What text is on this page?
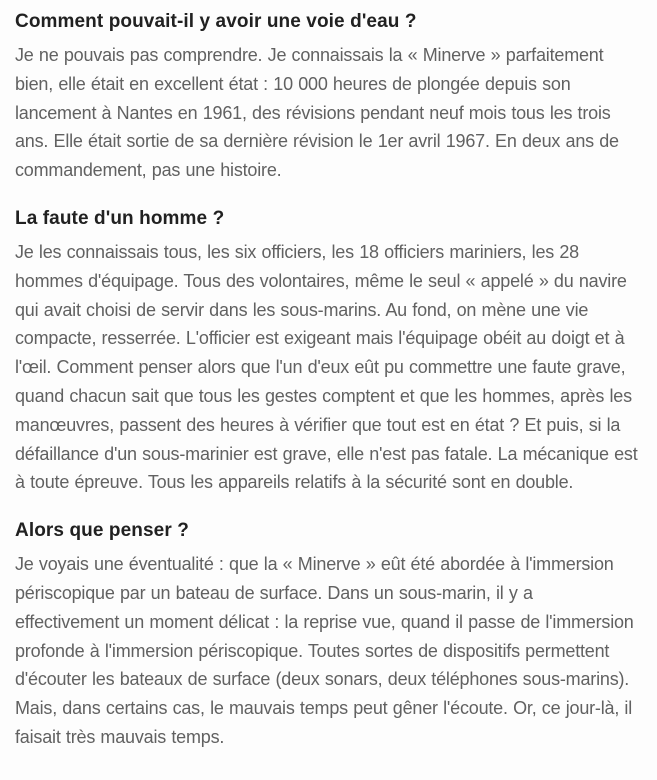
Comment pouvait-il y avoir une voie d'eau ?

Je ne pouvais pas comprendre. Je connaissais la « Minerve » parfaitement bien, elle était en excellent état : 10 000 heures de plongée depuis son lancement à Nantes en 1961, des révisions pendant neuf mois tous les trois ans. Elle était sortie de sa dernière révision le 1er avril 1967. En deux ans de commandement, pas une histoire.

La faute d'un homme ?

Je les connaissais tous, les six officiers, les 18 officiers mariniers, les 28 hommes d'équipage. Tous des volontaires, même le seul « appelé » du navire qui avait choisi de servir dans les sous-marins. Au fond, on mène une vie compacte, resserrée. L'officier est exigeant mais l'équipage obéit au doigt et à l'œil. Comment penser alors que l'un d'eux eût pu commettre une faute grave, quand chacun sait que tous les gestes comptent et que les hommes, après les manœuvres, passent des heures à vérifier que tout est en état ? Et puis, si la défaillance d'un sous-marinier est grave, elle n'est pas fatale. La mécanique est à toute épreuve. Tous les appareils relatifs à la sécurité sont en double.

Alors que penser ?

Je voyais une éventualité : que la « Minerve » eût été abordée à l'immersion périscopique par un bateau de surface. Dans un sous-marin, il y a effectivement un moment délicat : la reprise vue, quand il passe de l'immersion profonde à l'immersion périscopique. Toutes sortes de dispositifs permettent d'écouter les bateaux de surface (deux sonars, deux téléphones sous-marins). Mais, dans certains cas, le mauvais temps peut gêner l'écoute. Or, ce jour-là, il faisait très mauvais temps.
